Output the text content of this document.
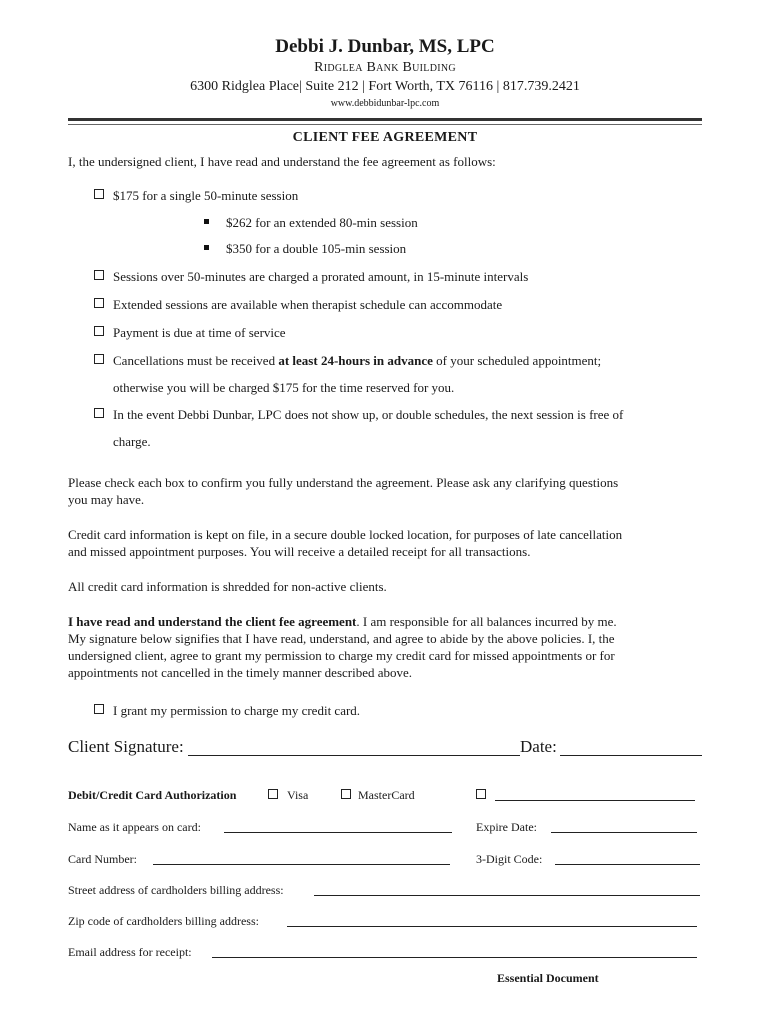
Debbi J. Dunbar, MS, LPC
Ridglea Bank Building
6300 Ridglea Place| Suite 212 | Fort Worth, TX 76116 | 817.739.2421
www.debbidunbar-lpc.com
CLIENT FEE AGREEMENT
I, the undersigned client, I have read and understand the fee agreement as follows:
$175 for a single 50-minute session
$262 for an extended 80-min session
$350 for a double 105-min session
Sessions over 50-minutes are charged a prorated amount, in 15-minute intervals
Extended sessions are available when therapist schedule can accommodate
Payment is due at time of service
Cancellations must be received at least 24-hours in advance of your scheduled appointment;
otherwise you will be charged $175 for the time reserved for you.
In the event Debbi Dunbar, LPC does not show up, or double schedules, the next session is free of
charge.
Please check each box to confirm you fully understand the agreement. Please ask any clarifying questions
you may have.
Credit card information is kept on file, in a secure double locked location, for purposes of late cancellation
and missed appointment purposes. You will receive a detailed receipt for all transactions.
All credit card information is shredded for non-active clients.
I have read and understand the client fee agreement. I am responsible for all balances incurred by me.
My signature below signifies that I have read, understand, and agree to abide by the above policies. I, the
undersigned client, agree to grant my permission to charge my credit card for missed appointments or for
appointments not cancelled in the timely manner described above.
I grant my permission to charge my credit card.
Client Signature:	Date:
Debit/Credit Card Authorization	Visa	MasterCard
Name as it appears on card:	Expire Date:
Card Number:	3-Digit Code:
Street address of cardholders billing address:
Zip code of cardholders billing address:
Email address for receipt:
Essential Document
